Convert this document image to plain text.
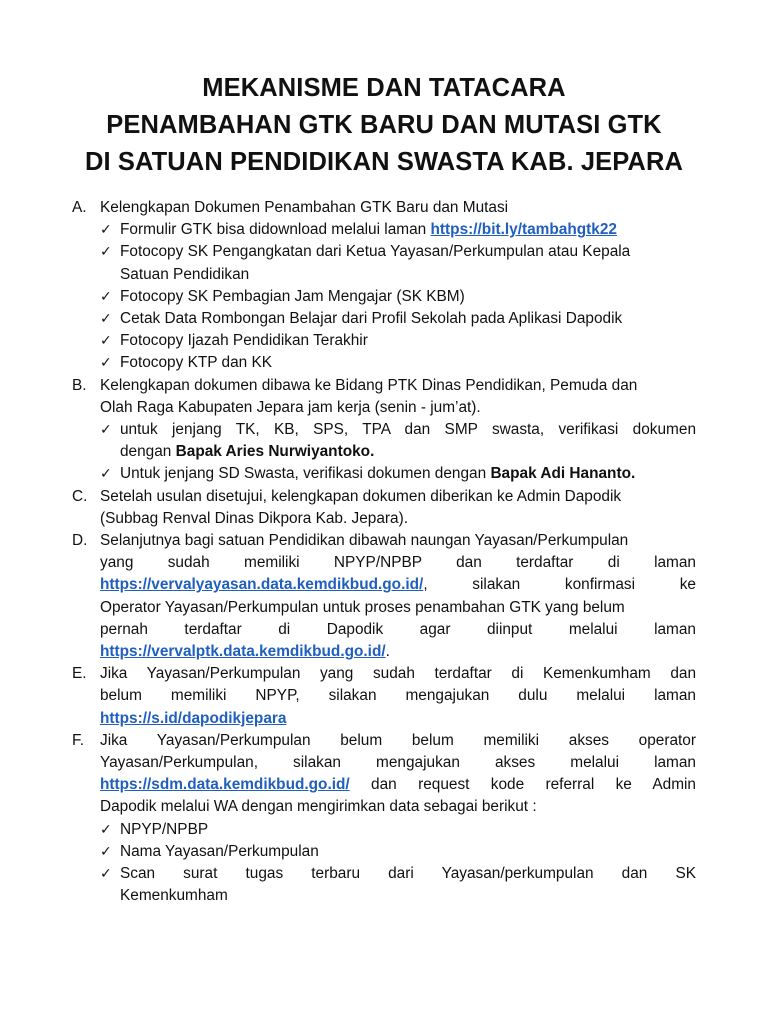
MEKANISME DAN TATACARA
PENAMBAHAN GTK BARU DAN MUTASI GTK
DI SATUAN PENDIDIKAN SWASTA KAB. JEPARA
A. Kelengkapan Dokumen Penambahan GTK Baru dan Mutasi
✓ Formulir GTK bisa didownload melalui laman https://bit.ly/tambahgtk22
✓ Fotocopy SK Pengangkatan dari Ketua Yayasan/Perkumpulan atau Kepala
Satuan Pendidikan
✓ Fotocopy SK Pembagian Jam Mengajar (SK KBM)
✓ Cetak Data Rombongan Belajar dari Profil Sekolah pada Aplikasi Dapodik
✓ Fotocopy Ijazah Pendidikan Terakhir
✓ Fotocopy KTP dan KK
B. Kelengkapan dokumen dibawa ke Bidang PTK Dinas Pendidikan, Pemuda dan
Olah Raga Kabupaten Jepara jam kerja (senin - jum’at).
✓ untuk jenjang TK, KB, SPS, TPA dan SMP swasta, verifikasi dokumen
dengan Bapak Aries Nurwiyantoko.
✓ Untuk jenjang SD Swasta, verifikasi dokumen dengan Bapak Adi Hananto.
C. Setelah usulan disetujui, kelengkapan dokumen diberikan ke Admin Dapodik
(Subbag Renval Dinas Dikpora Kab. Jepara).
D. Selanjutnya bagi satuan Pendidikan dibawah naungan Yayasan/Perkumpulan
yang sudah memiliki NPYP/NPBP dan terdaftar di laman
https://vervalyayasan.data.kemdikbud.go.id/, silakan konfirmasi ke
Operator Yayasan/Perkumpulan untuk proses penambahan GTK yang belum
pernah terdaftar di Dapodik agar diinput melalui laman
https://vervalptk.data.kemdikbud.go.id/.
E. Jika Yayasan/Perkumpulan yang sudah terdaftar di Kemenkumham dan
belum memiliki NPYP, silakan mengajukan dulu melalui laman
https://s.id/dapodikjepara
F.	Jika Yayasan/Perkumpulan belum belum memiliki akses operator
Yayasan/Perkumpulan, silakan mengajukan akses melalui laman
https://sdm.data.kemdikbud.go.id/ dan request kode referral ke Admin
Dapodik melalui WA dengan mengirimkan data sebagai berikut :
✓ NPYP/NPBP
✓ Nama Yayasan/Perkumpulan
✓ Scan surat tugas terbaru dari Yayasan/perkumpulan dan SK
Kemenkumham
